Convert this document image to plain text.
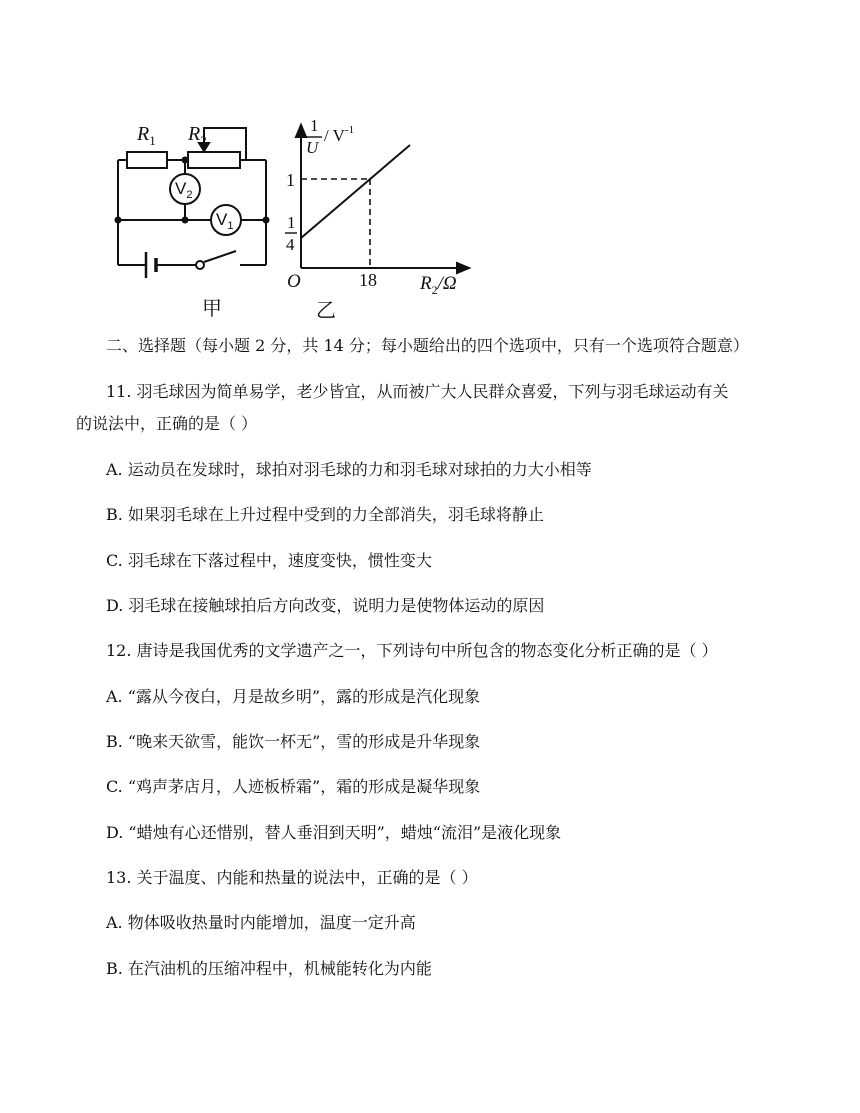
$R_1$ $R_2$
$V_2$
$V_1$
1
U
/ $V^{-1}$
1
1
4
O	18 $R_2/\Omega$
甲	乙
二、选择题（每小题 2 分，共 14 分；每小题给出的四个选项中，只有一个选项符合题意）
11. 羽毛球因为简单易学，老少皆宜，从而被广大人民群众喜爱，下列与羽毛球运动有关
的说法中，正确的是（ ）
A. 运动员在发球时，球拍对羽毛球的力和羽毛球对球拍的力大小相等
B. 如果羽毛球在上升过程中受到的力全部消失，羽毛球将静止
C. 羽毛球在下落过程中，速度变快，惯性变大
D. 羽毛球在接触球拍后方向改变，说明力是使物体运动的原因
12. 唐诗是我国优秀的文学遗产之一，下列诗句中所包含的物态变化分析正确的是（ ）
A. “露从今夜白，月是故乡明”，露的形成是汽化现象
B. “晚来天欲雪，能饮一杯无”，雪的形成是升华现象
C. “鸡声茅店月，人迹板桥霜”，霜的形成是凝华现象
D. “蜡烛有心还惜别，替人垂泪到天明”，蜡烛“流泪”是液化现象
13. 关于温度、内能和热量的说法中，正确的是（ ）
A. 物体吸收热量时内能增加，温度一定升高
B. 在汽油机的压缩冲程中，机械能转化为内能
